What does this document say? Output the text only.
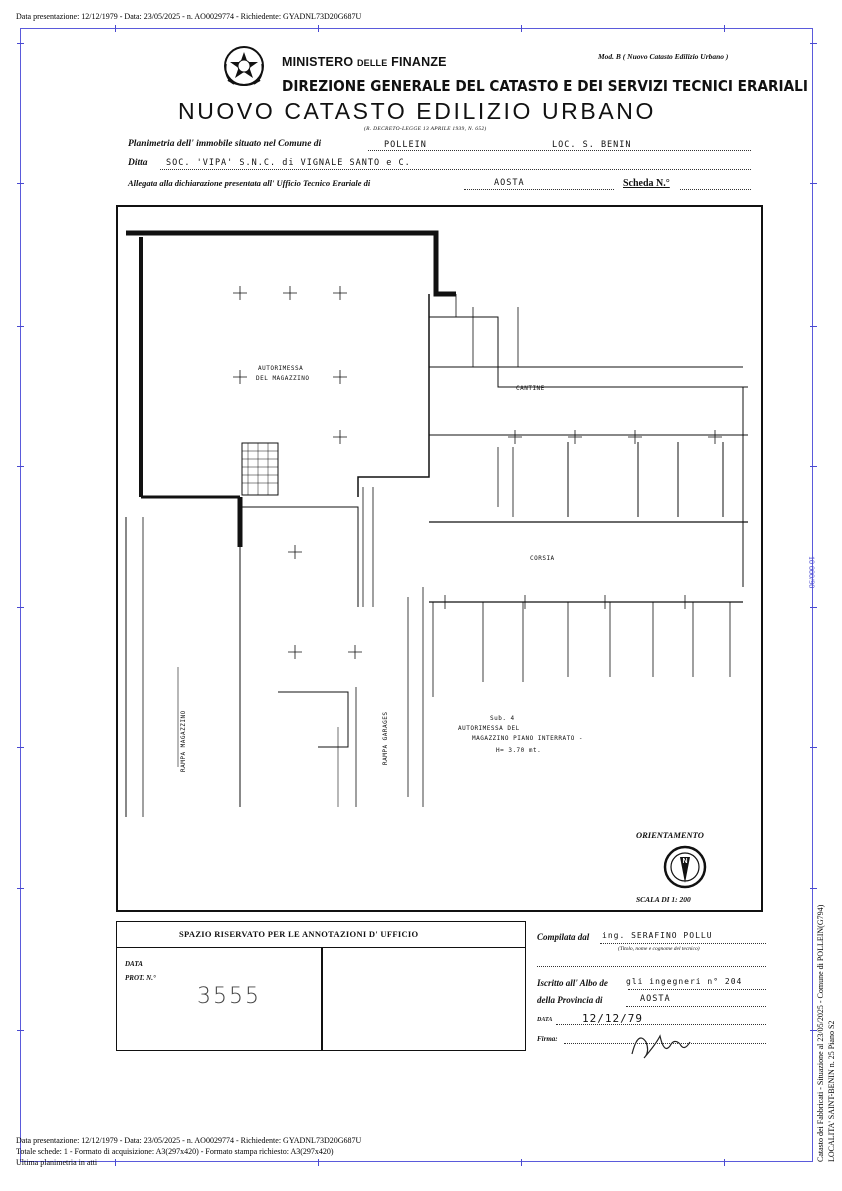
Data presentazione: 12/12/1979 - Data: 23/05/2025 - n. AO0029774 - Richiedente: GYADNL73D20G687U
MINISTERO DELLE FINANZE	Mod. B ( Nuovo Catasto Edilizio Urbano )
DIREZIONE GENERALE DEL CATASTO E DEI SERVIZI TECNICI ERARIALI
NUOVO CATASTO EDILIZIO URBANO
(R. DECRETO-LEGGE 13 APRILE 1939, N. 652)
Planimetria dell' immobile situato nel Comune di	POLLEIN	LOC. S. BENIN
Ditta SOC. 'VIPA' S.N.C. di VIGNALE SANTO e C.
Allegata alla dichiarazione presentata all' Ufficio Tecnico Erariale di	AOSTA	Scheda N.°
N
AUTORIMESSA
DEL MAGAZZINO
CANTINE
CORSIA
Sub. 4
AUTORIMESSA DEL
MAGAZZINO PIANO INTERRATO -
H= 3.70 mt.
RAMPA MAGAZZINO	RAMPA GARAGES
ORIENTAMENTO
SCALA DI 1: 200
SPAZIO RISERVATO PER LE ANNOTAZIONI D' UFFICIO
DATA
PROT. N.°
3555
Compilata dal ing. SERAFINO POLLU
(Titolo, nome e cognome del tecnico)
Iscritto all' Albo de gli ingegneri n° 204
della Provincia di	AOSTA
DATA	12/12/79
Firma:
Data presentazione: 12/12/1979 - Data: 23/05/2025 - n. AO0029774 - Richiedente: GYADNL73D20G687U
Totale schede: 1 - Formato di acquisizione: A3(297x420) - Formato stampa richiesto: A3(297x420)
Ultima planimetria in atti
Catasto dei Fabbricati - Situazione al 23/05/2025 - Comune di POLLEIN(G794) LOCALITA' SAINT-BENIN n. 25 Piano S2
10 000/90
